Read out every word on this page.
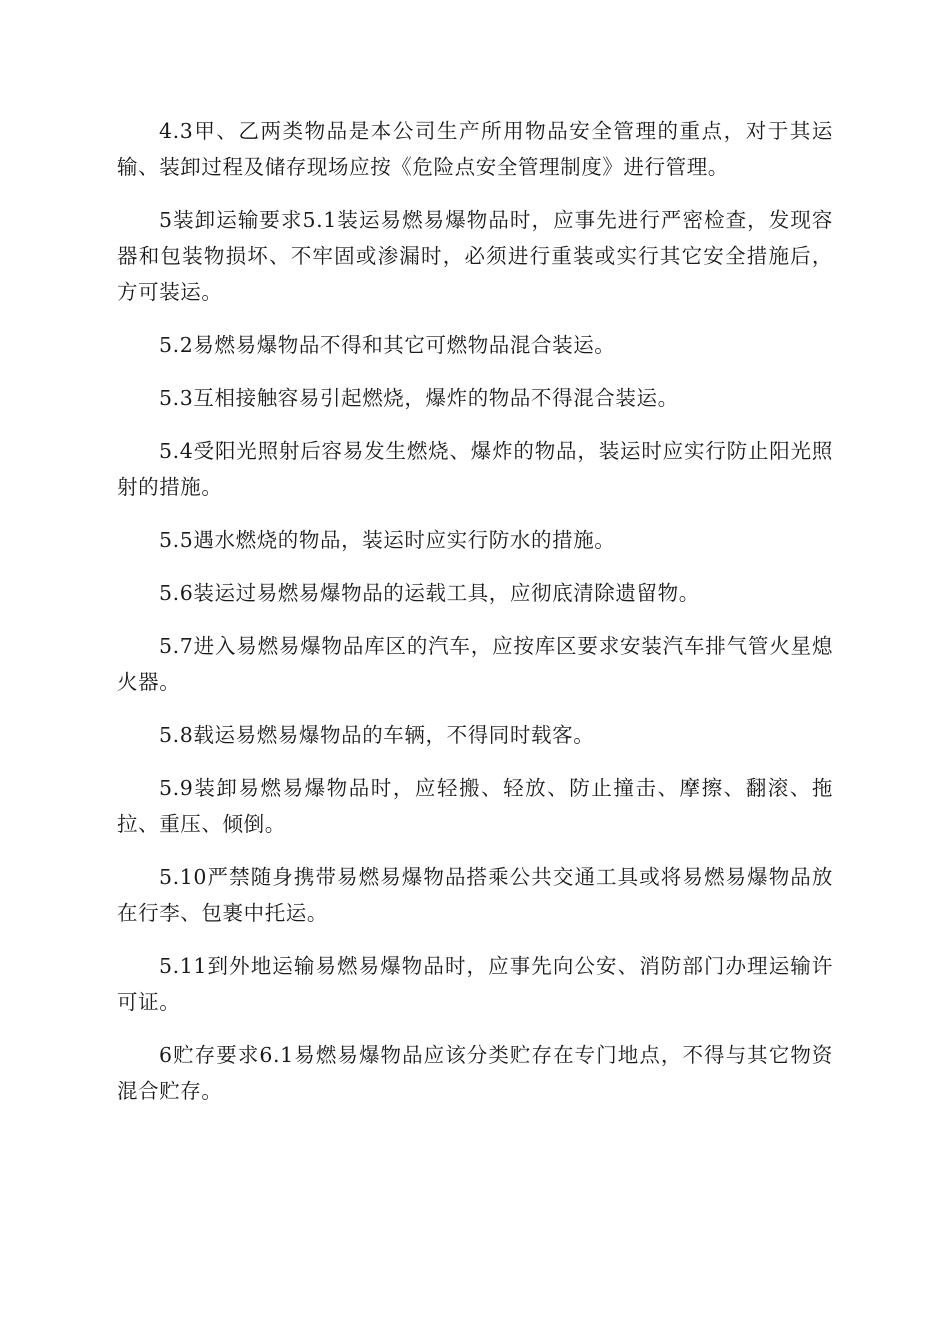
4.3甲、乙两类物品是本公司生产所用物品安全管理的重点，对于其运输、装卸过程及储存现场应按《危险点安全管理制度》进行管理。

5装卸运输要求5.1装运易燃易爆物品时，应事先进行严密检查，发现容器和包装物损坏、不牢固或渗漏时，必须进行重装或实行其它安全措施后，方可装运。

5.2易燃易爆物品不得和其它可燃物品混合装运。

5.3互相接触容易引起燃烧，爆炸的物品不得混合装运。

5.4受阳光照射后容易发生燃烧、爆炸的物品，装运时应实行防止阳光照射的措施。

5.5遇水燃烧的物品，装运时应实行防水的措施。

5.6装运过易燃易爆物品的运载工具，应彻底清除遗留物。

5.7进入易燃易爆物品库区的汽车，应按库区要求安装汽车排气管火星熄火器。

5.8载运易燃易爆物品的车辆，不得同时载客。

5.9装卸易燃易爆物品时，应轻搬、轻放、防止撞击、摩擦、翻滚、拖拉、重压、倾倒。

5.10严禁随身携带易燃易爆物品搭乘公共交通工具或将易燃易爆物品放在行李、包裹中托运。

5.11到外地运输易燃易爆物品时，应事先向公安、消防部门办理运输许可证。

6贮存要求6.1易燃易爆物品应该分类贮存在专门地点，不得与其它物资混合贮存。
